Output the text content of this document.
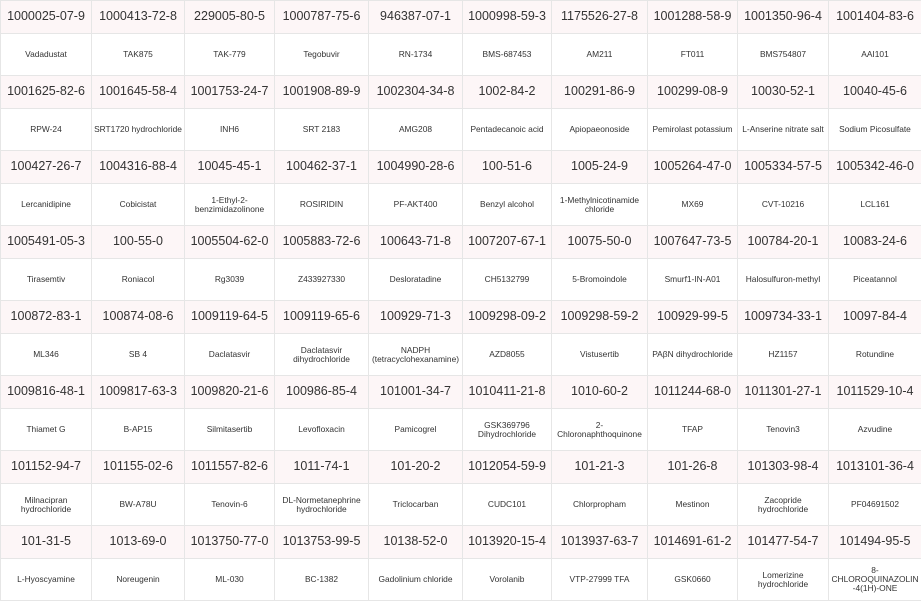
1000025-07-9	1000413-72-8	229005-80-5	1000787-75-6	946387-07-1	1000998-59-3	1175526-27-8	1001288-58-9	1001350-96-4	1001404-83-6
Vadadustat	TAK875	TAK-779	Tegobuvir	RN-1734	BMS-687453	AM211	FT011	BMS754807	AAI101
1001625-82-6	1001645-58-4	1001753-24-7	1001908-89-9	1002304-34-8	1002-84-2	100291-86-9	100299-08-9	10030-52-1	10040-45-6
RPW-24	SRT1720 hydrochloride	INH6	SRT 2183	AMG208	Pentadecanoic acid	Apiopaeonoside	Pemirolast potassium	L-Anserine nitrate salt	Sodium Picosulfate
100427-26-7	1004316-88-4	10045-45-1	100462-37-1	1004990-28-6	100-51-6	1005-24-9	1005264-47-0	1005334-57-5	1005342-46-0
Lercanidipine	Cobicistat	1-Ethyl-2-benzimidazolinone	ROSIRIDIN	PF-AKT400	Benzyl alcohol	1-Methylnicotinamide chloride	MX69	CVT-10216	LCL161
1005491-05-3	100-55-0	1005504-62-0	1005883-72-6	100643-71-8	1007207-67-1	10075-50-0	1007647-73-5	100784-20-1	10083-24-6
Tirasemtiv	Roniacol	Rg3039	Z433927330	Desloratadine	CH5132799	5-Bromoindole	Smurf1-IN-A01	Halosulfuron-methyl	Piceatannol
100872-83-1	100874-08-6	1009119-64-5	1009119-65-6	100929-71-3	1009298-09-2	1009298-59-2	100929-99-5	1009734-33-1	10097-84-4
ML346	SB 4	Daclatasvir	Daclatasvir dihydrochloride	NADPH (tetracyclohexanamine)	AZD8055	Vistusertib	PAβN dihydrochloride	HZ1157	Rotundine
1009816-48-1	1009817-63-3	1009820-21-6	100986-85-4	101001-34-7	1010411-21-8	1010-60-2	1011244-68-0	1011301-27-1	1011529-10-4
Thiamet G	B-AP15	Silmitasertib	Levofloxacin	Pamicogrel	GSK369796 Dihydrochloride	2-Chloronaphthoquinone	TFAP	Tenovin3	Azvudine
101152-94-7	101155-02-6	1011557-82-6	1011-74-1	101-20-2	1012054-59-9	101-21-3	101-26-8	101303-98-4	1013101-36-4
Milnacipran hydrochloride	BW-A78U	Tenovin-6	DL-Normetanephrine hydrochloride	Triclocarban	CUDC101	Chlorpropham	Mestinon	Zacopride hydrochloride	PF04691502
101-31-5	1013-69-0	1013750-77-0	1013753-99-5	10138-52-0	1013920-15-4	1013937-63-7	1014691-61-2	101477-54-7	101494-95-5
L-Hyoscyamine	Noreugenin	ML-030	BC-1382	Gadolinium chloride	Vorolanib	VTP-27999 TFA	GSK0660	Lomerizine hydrochloride	8-CHLOROQUINAZOLIN-4(1H)-ONE
